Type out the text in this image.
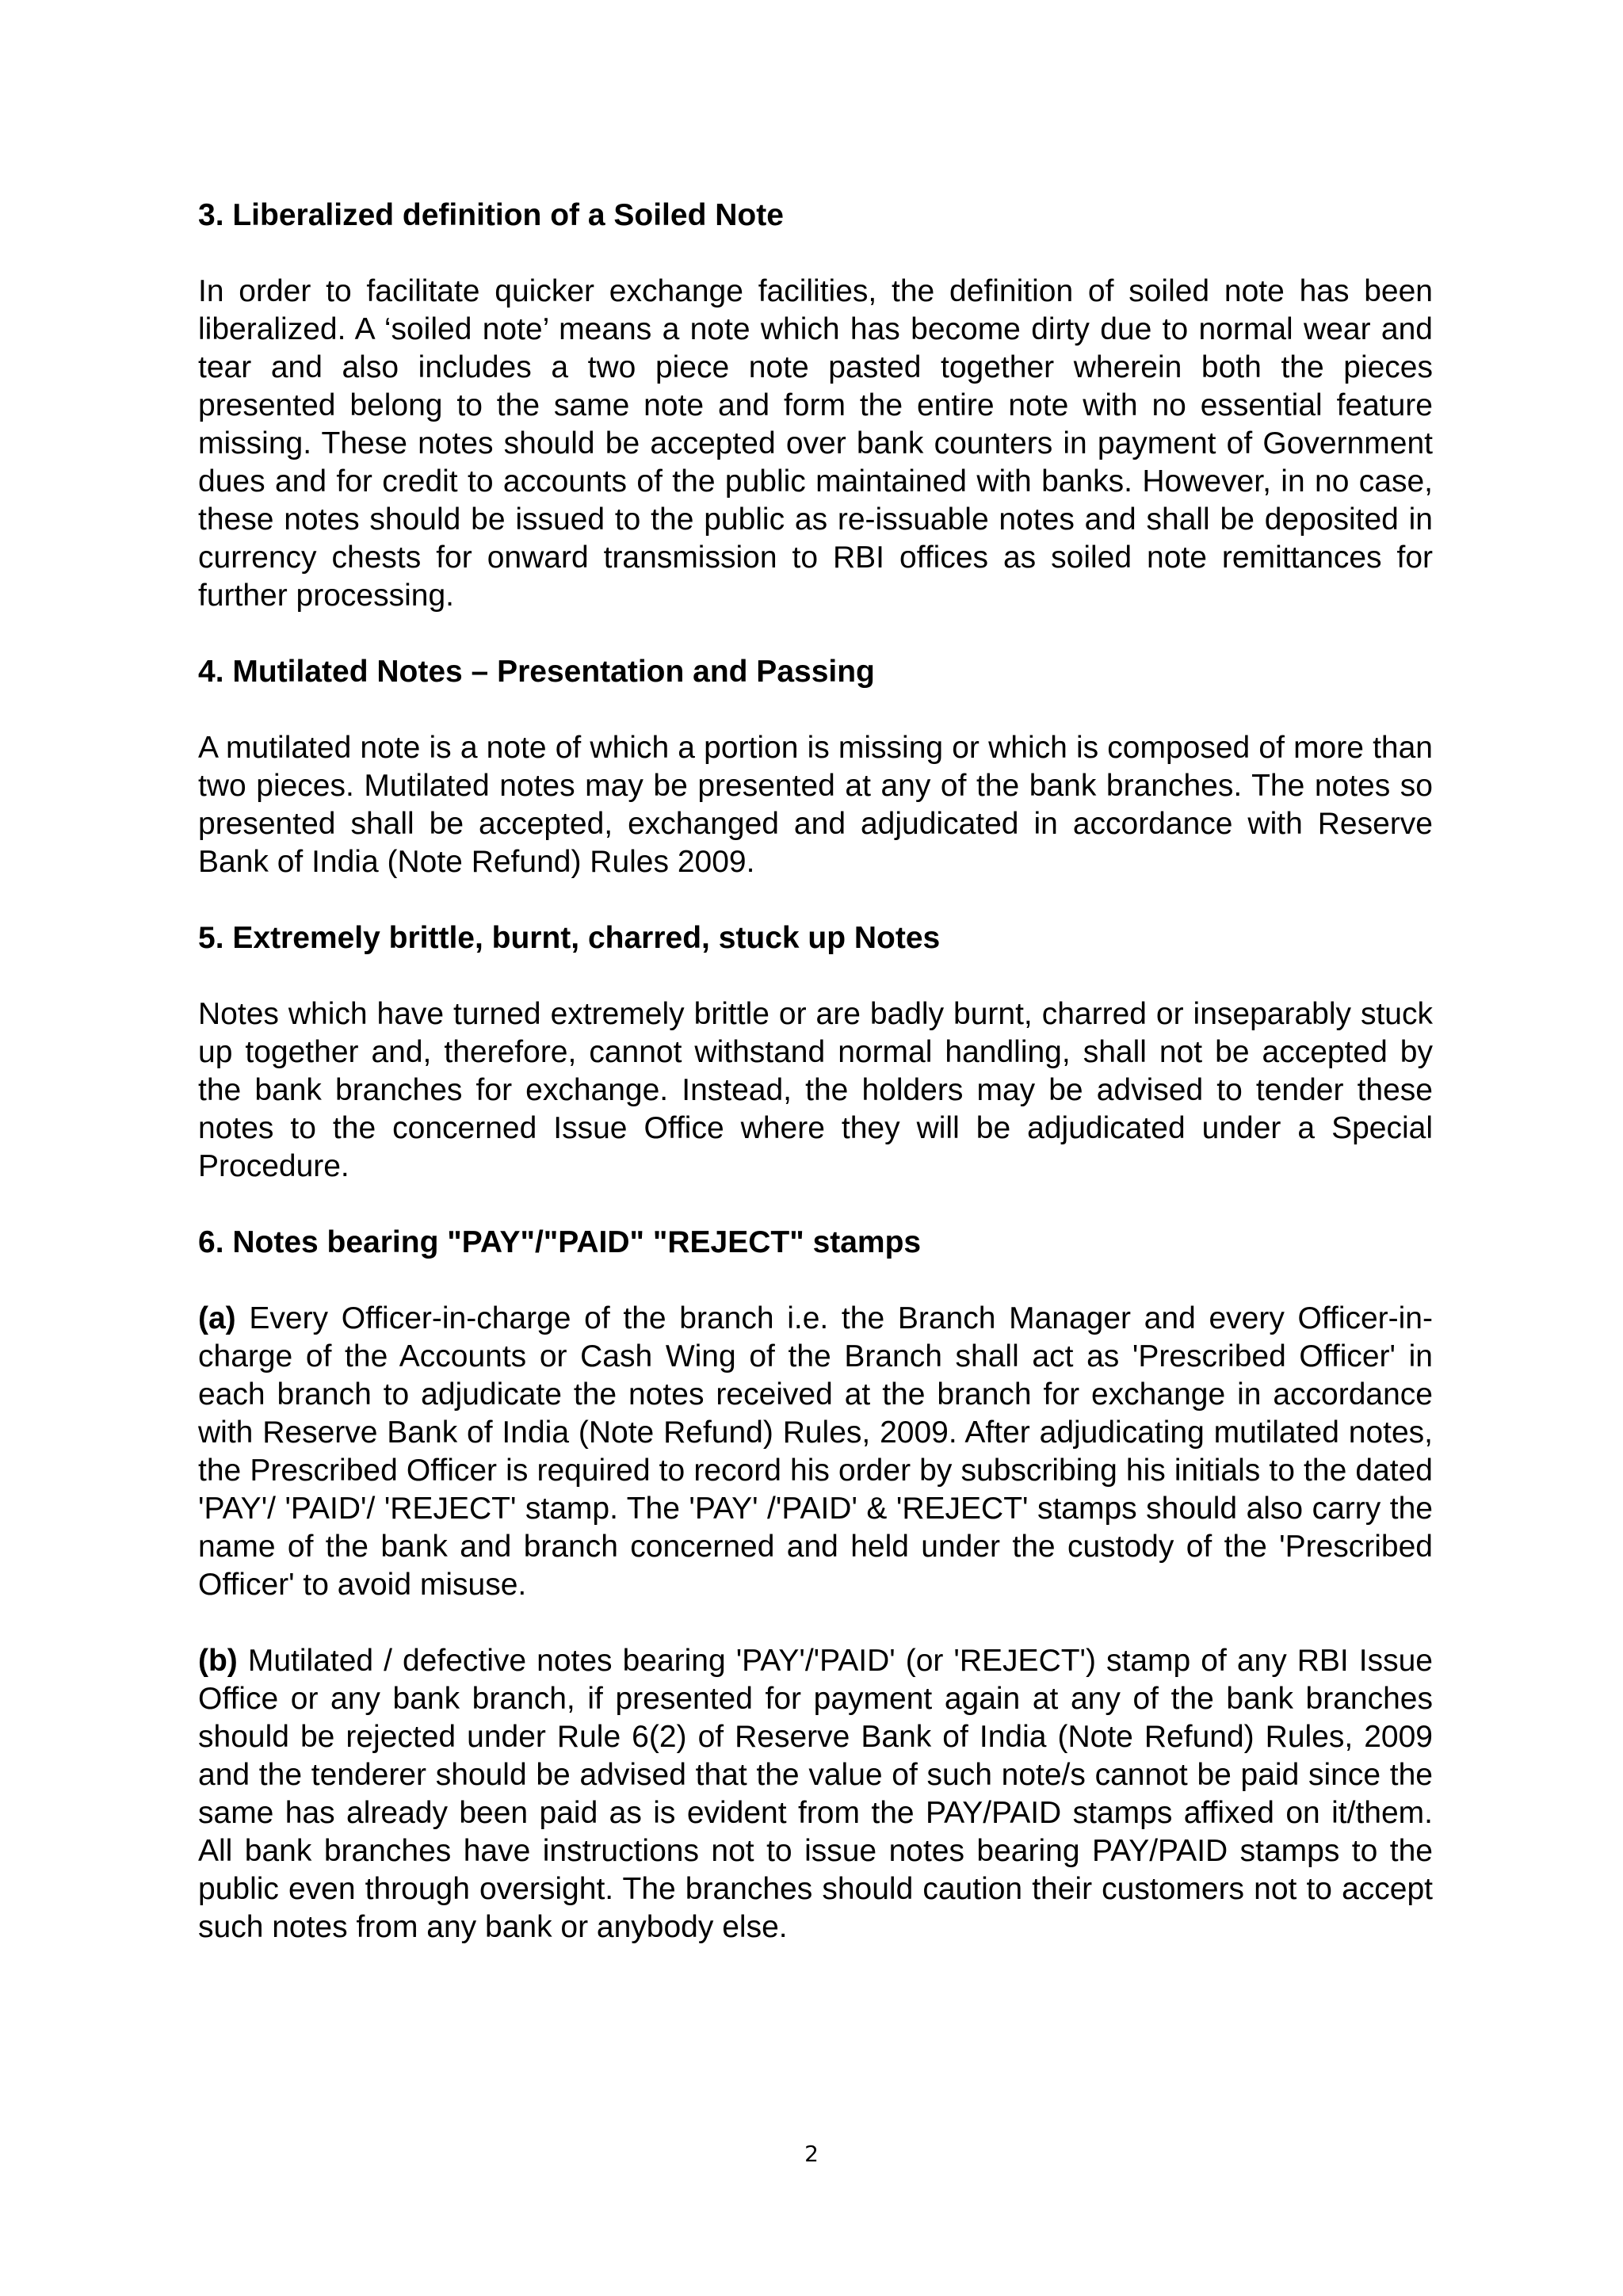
3. Liberalized definition of a Soiled Note

In order to facilitate quicker exchange facilities, the definition of soiled note has been liberalized. A ‘soiled note’ means a note which has become dirty due to normal wear and tear and also includes a two piece note pasted together wherein both the pieces presented belong to the same note and form the entire note with no essential feature missing. These notes should be accepted over bank counters in payment of Government dues and for credit to accounts of the public maintained with banks. However, in no case, these notes should be issued to the public as re-issuable notes and shall be deposited in currency chests for onward transmission to RBI offices as soiled note remittances for further processing.

4. Mutilated Notes – Presentation and Passing

A mutilated note is a note of which a portion is missing or which is composed of more than two pieces. Mutilated notes may be presented at any of the bank branches. The notes so presented shall be accepted, exchanged and adjudicated in accordance with Reserve Bank of India (Note Refund) Rules 2009.

5. Extremely brittle, burnt, charred, stuck up Notes

Notes which have turned extremely brittle or are badly burnt, charred or inseparably stuck up together and, therefore, cannot withstand normal handling, shall not be accepted by the bank branches for exchange. Instead, the holders may be advised to tender these notes to the concerned Issue Office where they will be adjudicated under a Special Procedure.

6. Notes bearing "PAY"/"PAID" "REJECT" stamps

(a) Every Officer-in-charge of the branch i.e. the Branch Manager and every Officer-in-charge of the Accounts or Cash Wing of the Branch shall act as 'Prescribed Officer' in each branch to adjudicate the notes received at the branch for exchange in accordance with Reserve Bank of India (Note Refund) Rules, 2009. After adjudicating mutilated notes, the Prescribed Officer is required to record his order by subscribing his initials to the dated 'PAY'/ 'PAID'/ 'REJECT' stamp. The 'PAY' /'PAID' & 'REJECT' stamps should also carry the name of the bank and branch concerned and held under the custody of the 'Prescribed Officer' to avoid misuse.

(b) Mutilated / defective notes bearing 'PAY'/'PAID' (or 'REJECT') stamp of any RBI Issue Office or any bank branch, if presented for payment again at any of the bank branches should be rejected under Rule 6(2) of Reserve Bank of India (Note Refund) Rules, 2009 and the tenderer should be advised that the value of such note/s cannot be paid since the same has already been paid as is evident from the PAY/PAID stamps affixed on it/them. All bank branches have instructions not to issue notes bearing PAY/PAID stamps to the public even through oversight. The branches should caution their customers not to accept such notes from any bank or anybody else.

2
